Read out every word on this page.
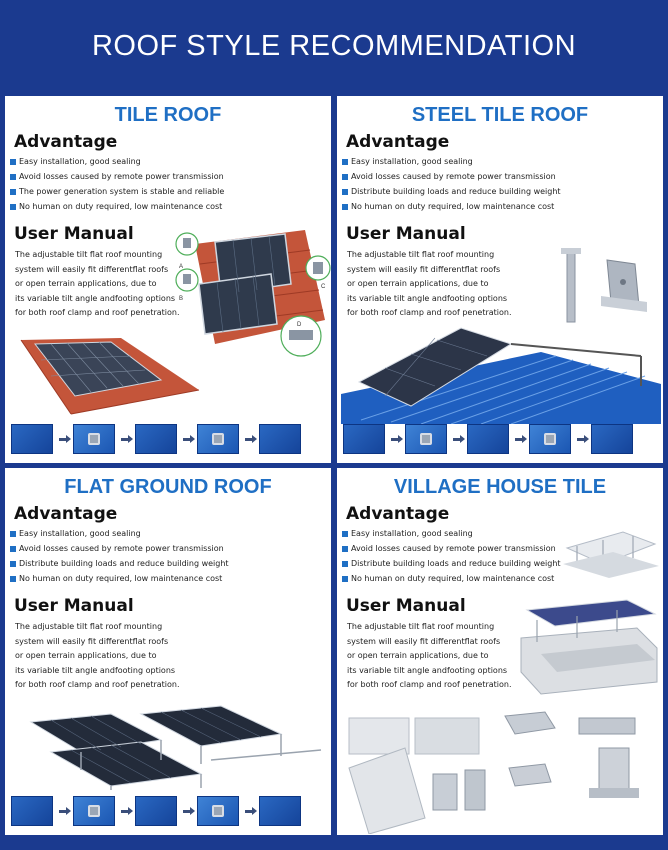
ROOF STYLE RECOMMENDATION
TILE ROOF
Advantage
Easy installation, good sealing
Avoid losses caused by remote power transmission
The power generation system is stable and reliable
No human on duty required, low maintenance cost
User Manual
The adjustable tilt flat roof mounting
system will easily fit differentflat roofs
or open terrain applications, due to
its variable tilt angle andfooting options
for both roof clamp and roof penetration.
A
B
C
D
STEEL TILE ROOF
Advantage
Easy installation, good sealing
Avoid losses caused by remote power transmission
Distribute building loads and reduce building weight
No human on duty required, low maintenance cost
User Manual
The adjustable tilt flat roof mounting
system will easily fit differentflat roofs
or open terrain applications, due to
its variable tilt angle andfooting options
for both roof clamp and roof penetration.
FLAT GROUND ROOF
Advantage
Easy installation, good sealing
Avoid losses caused by remote power transmission
Distribute building loads and reduce building weight
No human on duty required, low maintenance cost
User Manual
The adjustable tilt flat roof mounting
system will easily fit differentflat roofs
or open terrain applications, due to
its variable tilt angle andfooting options
for both roof clamp and roof penetration.
VILLAGE HOUSE TILE
Advantage
Easy installation, good sealing
Avoid losses caused by remote power transmission
Distribute building loads and reduce building weight
No human on duty required, low maintenance cost
User Manual
The adjustable tilt flat roof mounting
system will easily fit differentflat roofs
or open terrain applications, due to
its variable tilt angle andfooting options
for both roof clamp and roof penetration.
